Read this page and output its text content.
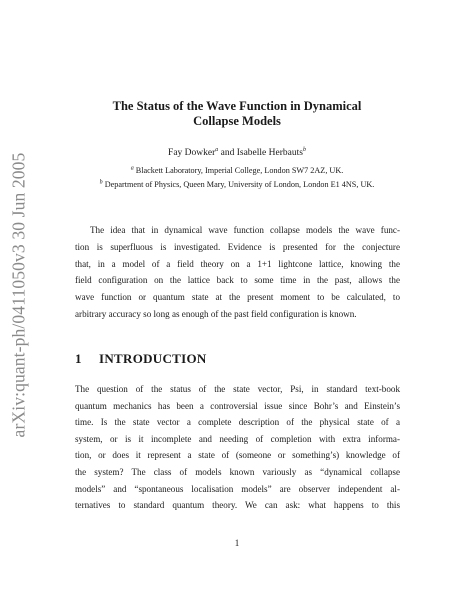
arXiv:quant-ph/0411050v3 30 Jun 2005
The Status of the Wave Function in Dynamical
Collapse Models
Fay Dowker$^a$ and Isabelle Herbauts$^b$
$^a$ Blackett Laboratory, Imperial College, London SW7 2AZ, UK.
$^b$ Department of Physics, Queen Mary, University of London, London E1 4NS, UK.
The idea that in dynamical wave function collapse models the wave func-
tion is superfluous is investigated. Evidence is presented for the conjecture
that, in a model of a field theory on a 1+1 lightcone lattice, knowing the
field configuration on the lattice back to some time in the past, allows the
wave function or quantum state at the present moment to be calculated, to
arbitrary accuracy so long as enough of the past field configuration is known.
1 INTRODUCTION
The question of the status of the state vector, Psi, in standard text-book
quantum mechanics has been a controversial issue since Bohr’s and Einstein’s
time. Is the state vector a complete description of the physical state of a
system, or is it incomplete and needing of completion with extra informa-
tion, or does it represent a state of (someone or something’s) knowledge of
the system? The class of models known variously as “dynamical collapse
models” and “spontaneous localisation models” are observer independent al-
ternatives to standard quantum theory. We can ask: what happens to this
1
